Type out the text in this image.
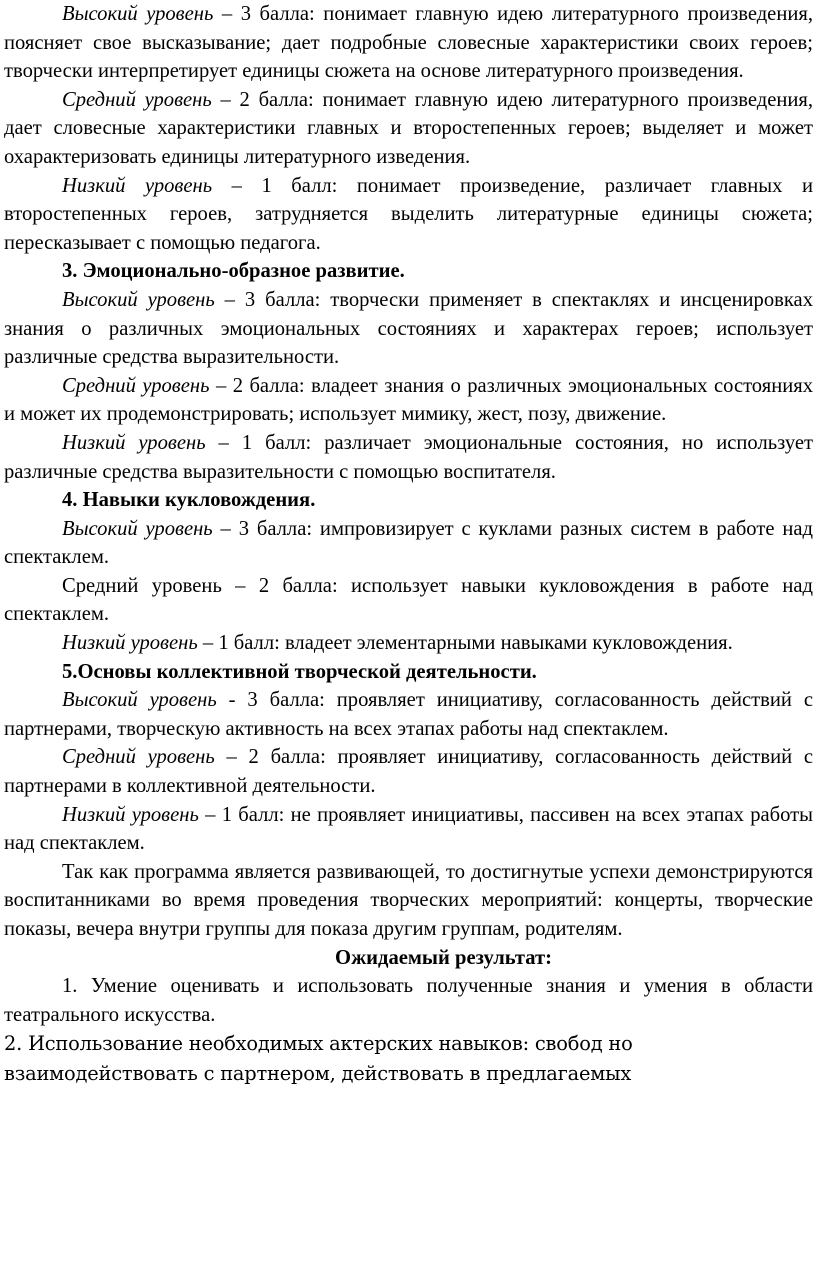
Высокий уровень – 3 балла: понимает главную идею литературного произведения, поясняет свое высказывание; дает подробные словесные характеристики своих героев; творчески интерпретирует единицы сюжета на основе литературного произведения.

Средний уровень – 2 балла: понимает главную идею литературного произведения, дает словесные характеристики главных и второстепенных героев; выделяет и может охарактеризовать единицы литературного изведения.

Низкий уровень – 1 балл: понимает произведение, различает главных и второстепенных героев, затрудняется выделить литературные единицы сюжета; пересказывает с помощью педагога.

3. Эмоционально-образное развитие.

Высокий уровень – 3 балла: творчески применяет в спектаклях и инсценировках знания о различных эмоциональных состояниях и характерах героев; использует различные средства выразительности.

Средний уровень – 2 балла: владеет знания о различных эмоциональных состояниях и может их продемонстрировать; использует мимику, жест, позу, движение.

Низкий уровень – 1 балл: различает эмоциональные состояния, но использует различные средства выразительности с помощью воспитателя.

4. Навыки кукловождения.

Высокий уровень – 3 балла: импровизирует с куклами разных систем в работе над спектаклем.

Средний уровень – 2 балла: использует навыки кукловождения в работе над спектаклем.

Низкий уровень – 1 балл: владеет элементарными навыками кукловождения.

5.Основы коллективной творческой деятельности.

Высокий уровень - 3 балла: проявляет инициативу, согласованность действий с партнерами, творческую активность на всех этапах работы над спектаклем.

Средний уровень – 2 балла: проявляет инициативу, согласованность действий с партнерами в коллективной деятельности.

Низкий уровень – 1 балл: не проявляет инициативы, пассивен на всех этапах работы над спектаклем.

Так как программа является развивающей, то достигнутые успехи демонстрируются воспитанниками во время проведения творческих мероприятий: концерты, творческие показы, вечера внутри группы для показа другим группам, родителям.

Ожидаемый результат:

1. Умение оценивать и использовать полученные знания и умения в области театрального искусства.

2. Использование необходимых актерских навыков: свобод но

взаимодействовать с партнером, действовать в предлагаемых
